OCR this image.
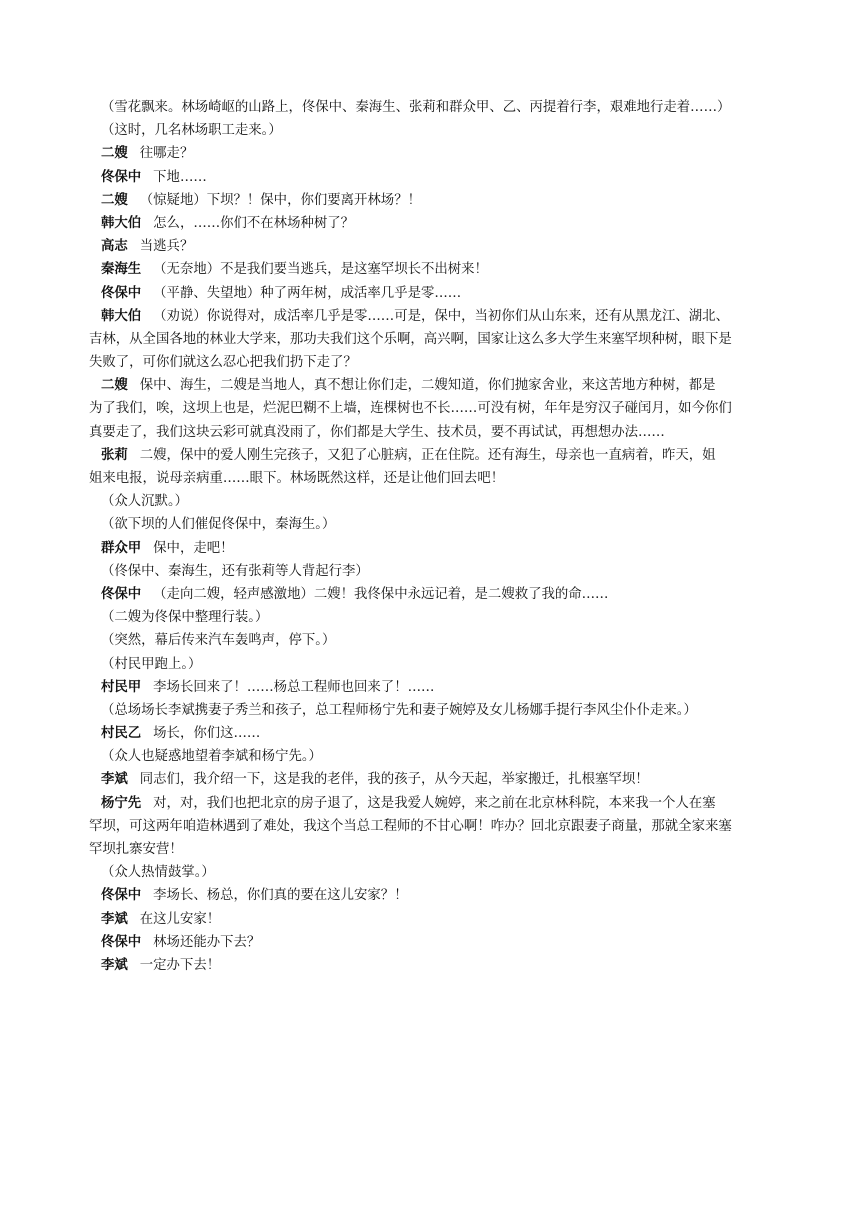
（雪花飘来。林场崎岖的山路上，佟保中、秦海生、张莉和群众甲、乙、丙提着行李，艰难地行走着……）
（这时，几名林场职工走来。）
二嫂 往哪走？
佟保中 下地……
二嫂 （惊疑地）下坝？！保中，你们要离开林场？！
韩大伯 怎么，……你们不在林场种树了？
高志 当逃兵？
秦海生 （无奈地）不是我们要当逃兵，是这塞罕坝长不出树来！
佟保中 （平静、失望地）种了两年树，成活率几乎是零……
韩大伯 （劝说）你说得对，成活率几乎是零……可是，保中，当初你们从山东来，还有从黑龙江、湖北、
吉林，从全国各地的林业大学来，那功夫我们这个乐啊，高兴啊，国家让这么多大学生来塞罕坝种树，眼下是
失败了，可你们就这么忍心把我们扔下走了？
二嫂 保中、海生，二嫂是当地人，真不想让你们走，二嫂知道，你们抛家舍业，来这苦地方种树，都是
为了我们，唉，这坝上也是，烂泥巴糊不上墙，连棵树也不长……可没有树，年年是穷汉子碰闰月，如今你们
真要走了，我们这块云彩可就真没雨了，你们都是大学生、技术员，要不再试试，再想想办法……
张莉 二嫂，保中的爱人刚生完孩子，又犯了心脏病，正在住院。还有海生，母亲也一直病着，昨天，姐
姐来电报，说母亲病重……眼下。林场既然这样，还是让他们回去吧！
（众人沉默。）
（欲下坝的人们催促佟保中，秦海生。）
群众甲 保中，走吧！
（佟保中、秦海生，还有张莉等人背起行李）
佟保中 （走向二嫂，轻声感激地）二嫂！我佟保中永远记着，是二嫂救了我的命……
（二嫂为佟保中整理行装。）
（突然，幕后传来汽车轰鸣声，停下。）
（村民甲跑上。）
村民甲 李场长回来了！……杨总工程师也回来了！……
（总场场长李斌携妻子秀兰和孩子，总工程师杨宁先和妻子婉婷及女儿杨娜手提行李风尘仆仆走来。）
村民乙 场长，你们这……
（众人也疑惑地望着李斌和杨宁先。）
李斌 同志们，我介绍一下，这是我的老伴，我的孩子，从今天起，举家搬迁，扎根塞罕坝！
杨宁先 对，对，我们也把北京的房子退了，这是我爱人婉婷，来之前在北京林科院，本来我一个人在塞
罕坝，可这两年咱造林遇到了难处，我这个当总工程师的不甘心啊！咋办？回北京跟妻子商量，那就全家来塞
罕坝扎寨安营！
（众人热情鼓掌。）
佟保中 李场长、杨总，你们真的要在这儿安家？！
李斌 在这儿安家！
佟保中 林场还能办下去？
李斌 一定办下去！
